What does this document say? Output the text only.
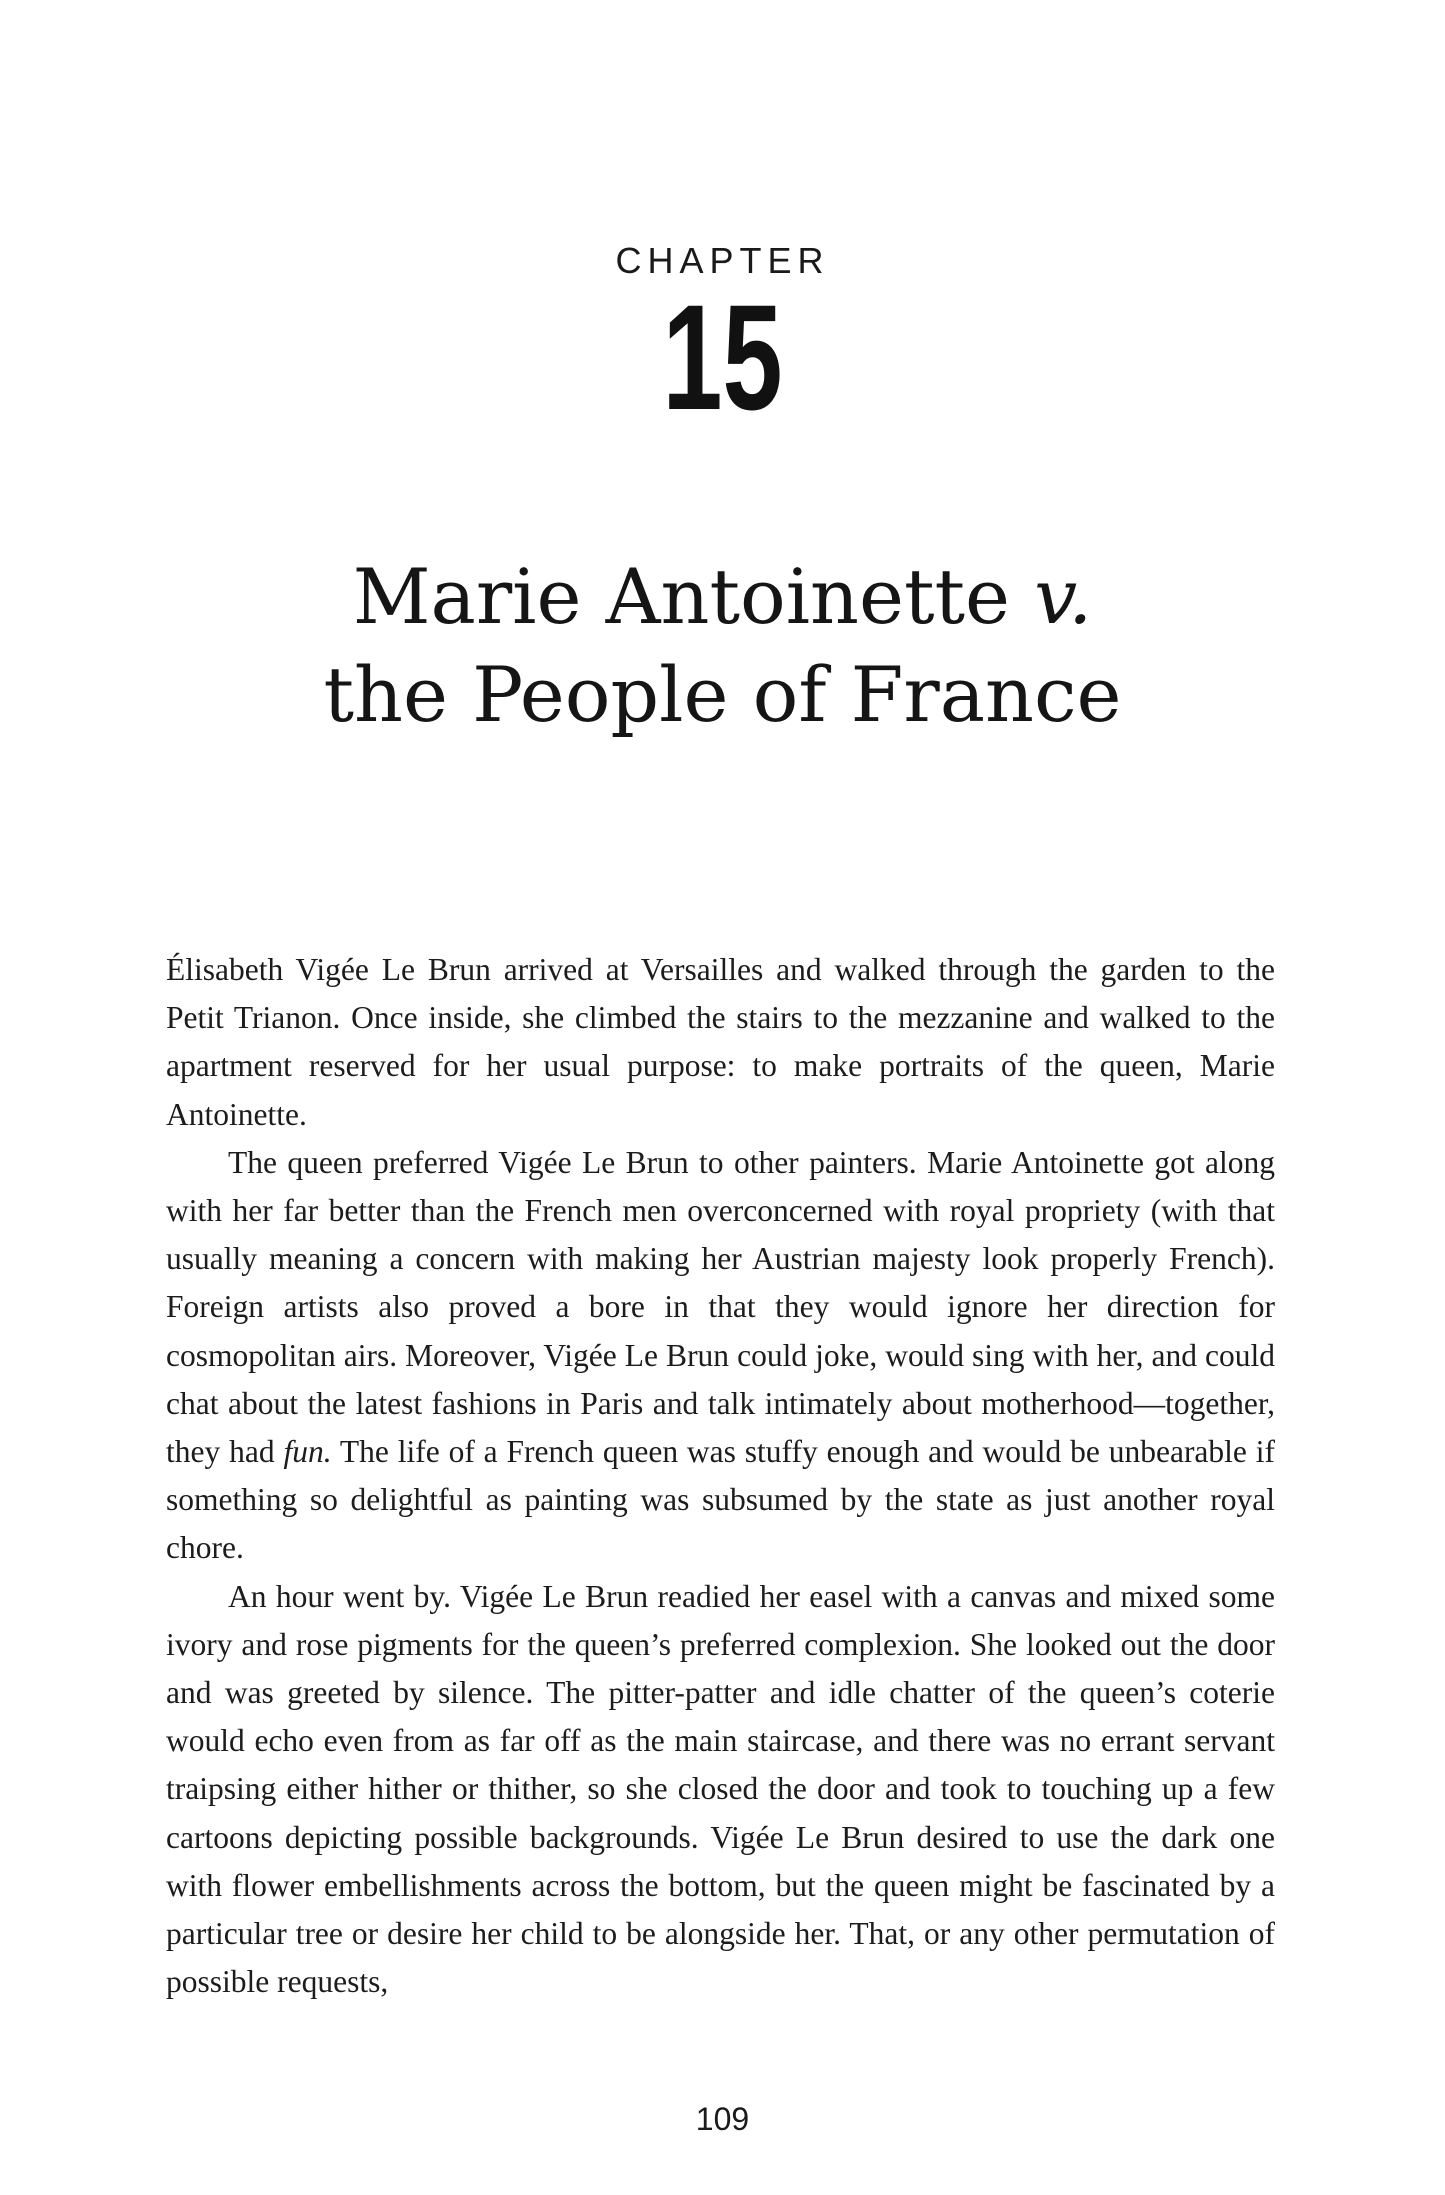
CHAPTER
15
Marie Antoinette v.
the People of France

Élisabeth Vigée Le Brun arrived at Versailles and walked through the garden to the Petit Trianon. Once inside, she climbed the stairs to the mezzanine and walked to the apartment reserved for her usual purpose: to make portraits of the queen, Marie Antoinette.

The queen preferred Vigée Le Brun to other painters. Marie Antoinette got along with her far better than the French men overconcerned with royal propriety (with that usually meaning a concern with making her Austrian majesty look properly French). Foreign artists also proved a bore in that they would ignore her direction for cosmopolitan airs. Moreover, Vigée Le Brun could joke, would sing with her, and could chat about the latest fashions in Paris and talk intimately about motherhood—together, they had fun. The life of a French queen was stuffy enough and would be unbearable if something so delightful as painting was subsumed by the state as just another royal chore.

An hour went by. Vigée Le Brun readied her easel with a canvas and mixed some ivory and rose pigments for the queen’s preferred complexion. She looked out the door and was greeted by silence. The pitter-patter and idle chatter of the queen’s coterie would echo even from as far off as the main staircase, and there was no errant servant traipsing either hither or thither, so she closed the door and took to touching up a few cartoons depicting possible backgrounds. Vigée Le Brun desired to use the dark one with flower embellishments across the bottom, but the queen might be fascinated by a particular tree or desire her child to be alongside her. That, or any other permutation of possible requests,

109
